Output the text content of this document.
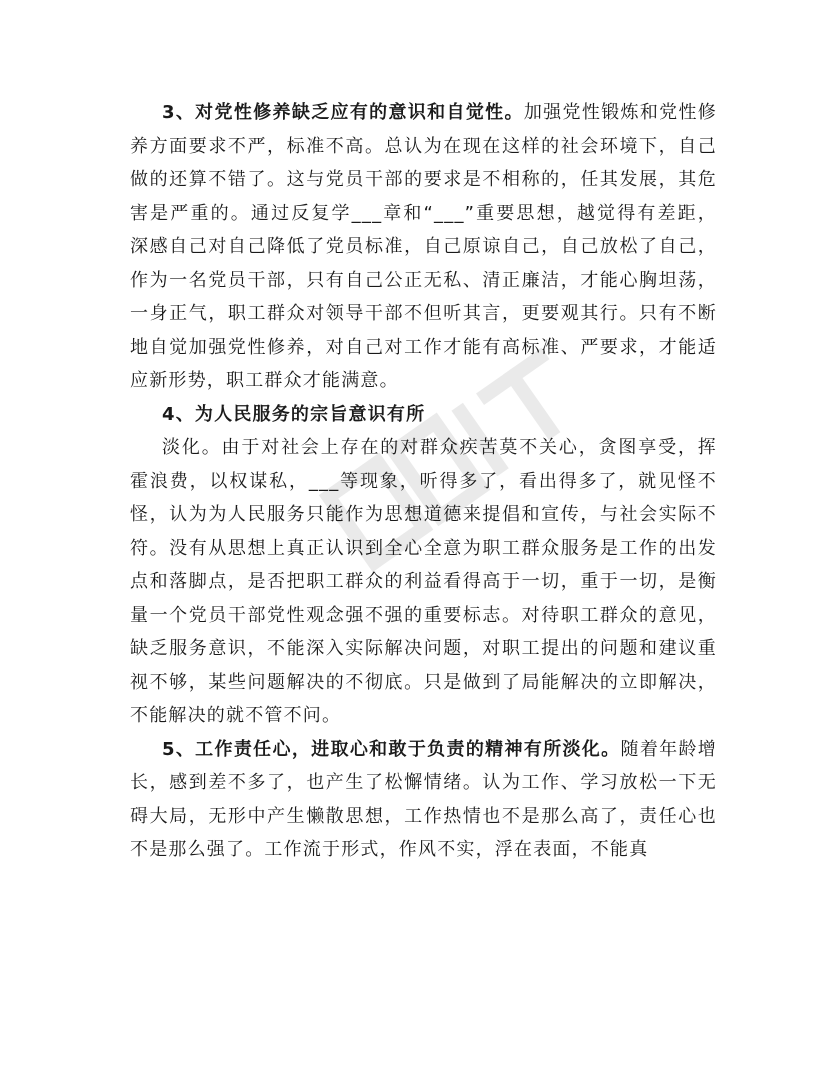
3、对党性修养缺乏应有的意识和自觉性。加强党性锻炼和党性修
养方面要求不严，标准不高。总认为在现在这样的社会环境下，自己
做的还算不错了。这与党员干部的要求是不相称的，任其发展，其危
害是严重的。通过反复学___章和“___”重要思想，越觉得有差距，
深感自己对自己降低了党员标准，自己原谅自己，自己放松了自己，
作为一名党员干部，只有自己公正无私、清正廉洁，才能心胸坦荡，
一身正气，职工群众对领导干部不但听其言，更要观其行。只有不断
地自觉加强党性修养，对自己对工作才能有高标准、严要求，才能适
应新形势，职工群众才能满意。
4、为人民服务的宗旨意识有所
淡化。由于对社会上存在的对群众疾苦莫不关心，贪图享受，挥
霍浪费，以权谋私，___等现象，听得多了，看出得多了，就见怪不
怪，认为为人民服务只能作为思想道德来提倡和宣传，与社会实际不
符。没有从思想上真正认识到全心全意为职工群众服务是工作的出发
点和落脚点，是否把职工群众的利益看得高于一切，重于一切，是衡
量一个党员干部党性观念强不强的重要标志。对待职工群众的意见，
缺乏服务意识，不能深入实际解决问题，对职工提出的问题和建议重
视不够，某些问题解决的不彻底。只是做到了局能解决的立即解决，
不能解决的就不管不问。
5、工作责任心，进取心和敢于负责的精神有所淡化。随着年龄增
长，感到差不多了，也产生了松懈情绪。认为工作、学习放松一下无
碍大局，无形中产生懒散思想，工作热情也不是那么高了，责任心也
不是那么强了。工作流于形式，作风不实，浮在表面，不能真
